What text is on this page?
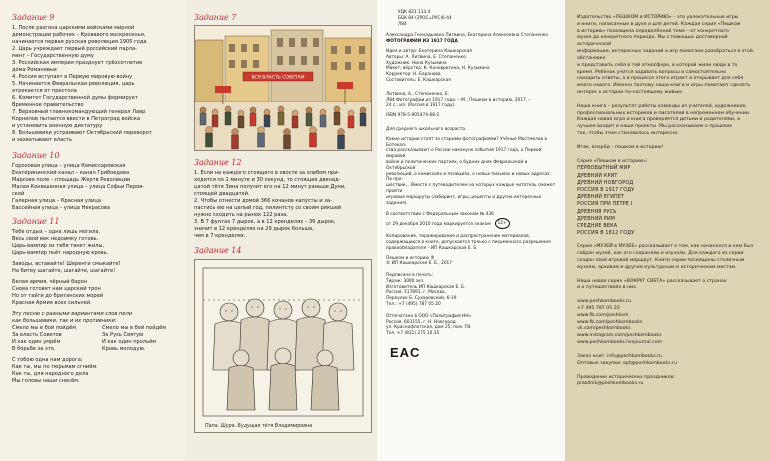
Задание 9

1. После разгона царскими войсками мирной

демонстрации рабочих – Кровавого воскресенья,

начинается первая русская революция 1905 года

2. Царь учреждает первый российский парла-

мент – Государственную думу

3. Российская империя празднует трёхсотлетие

дома Романовых

4. Россия вступает в Первую мировую войну

5. Начинается Февральская революция, царь

отрекается от престола

6. Комитет Государственной думы формирует

Временное правительство

7. Верховный главнокомандующий генерал Лавр

Корнилов пытается ввести в Петроград войска

и установить военную диктатуру

8. Большевики устраивают Октябрьский переворот

и захватывают власть

Задание 10

Гороховая улица – улица Комиссаровская

Екатерининский канал – канал Грибоедова

Марсово поле – площадь Жертв Революции

Малая Конюшенная улица – улица Софьи Перов-

ской

Галерная улица – Красная улица

Бассейная улица – улица Некрасова

Задание 11

Тебе отдых – одна лишь могила.

Весь свой век недоимку готовь.

Царь-вампир из тебя тянет жилы,

Царь-вампир пьёт народную кровь.

Заводы, вставайте! Шеренги смыкайте!

На битву шагайте, шагайте, шагайте!

Белая армия, чёрный барон

Снова готовят нам царский трон

Но от тайги до британских морей

Красная Армия всех сильней.

Эту песню с разными вариантами слов пели

как большевики, так и их противники:

Смело мы в бой пойдём

За власть Советов

И как один умрём

В борьбе за это.

Смело мы в бой пойдём

За Русь Святую

И как один прольём

Кровь молодую.

С тобою одна нам дорога;

Как ты, мы по тюрьмам сгниём.

Как ты, для народного дела

Мы головы наши снесём.

Задание 7
ВСЯ ВЛАСТЬ СОВЕТАМ
Задание 12

1. Если на каждого стоящего в хвосте за хлебом при-

ходится по 1 минуте и 30 секунд, то стоящая двенад-

цатой тётя Зина получит его на 12 минут раньше Дуни,

стоящей двадцатой.

2. Чтобы отнести домой 366 кочанов капусты и за-

пастись ею на целый год, пилинтсту со своим рикшей

нужно сходить на рынок 122 раза.

3. В 7 фунтах 7 дырок, а в 12 кренделях – 36 дырок,

значит в 12 кренделях на 29 дырок больше,

чем в 7 кренделях.

Задание 14
Папа. Шура. Будущая тётя Владимировна

УДК 821.113.4

ББК 84 (2РОС=РУС)6-44

Л84

Александра Геннадьевна Литвина, Екатерина Алексеевна Степаненко

ФОТОГРАФИИ ИЗ 1917 ГОДА

Идея и автор: Екатерина Кашкарская

Авторы: А. Литвина, Е. Степаненко

Художник: Нина Кузьмина

Макет, вёрстка: К. Коновригина, Н. Кузьмина

Корректор: Н. Баранова

Составитель: Е. Кашкарская

Литвина, А., Степаненко, Е.

Л84 Фотографии из 1917 года. – М.: Пешком в историю, 2017. –

24 с., ил. (Россия в 1917 году).

ISBN 978-5-905474-68-2

Для среднего школьного возраста.

Какие истории стоят за старыми фотографиями? Учёные Мостмелов в Ботекал-

ства рассказывают о России накануне событий 1917 года, о Первой мировой

войне и политических партиях, о будних днях Февральской и Октябрьской

революций, о комиссиях и полициях, о новых письмах и новых адресах. По про-

шествии... Вместе с путеводителем на которых каждые читатель сможет пройти

игровые маршруты (лабиринт, игры, рецепты и другие интересные задания).

В соответствии с Федеральным законом № 436

от 29 декабря 2010 года маркируется знаком 12+

Копирование, тиражирование и распространение материалов, содержащихся в книге, допускается только с письменного разрешения правообладателя – ИП Кашкарская Е. Б.

Пешком в историю ®

© ИП Кашкарская Е. Б., 2017

Подписано в печать:

Тираж: 3000 экз.

Изготовитель ИП Кашкарская Е. Б.

Россия, 117891, г. Москва,

Переулок Б. Сухаревский, 6-19

Тел.: +7 (495) 787 05 20

Отпечатано в ООО «Полиграфия-НН»

Россия, 603155, г. Н. Новгород

ул. Краснофлотская, дом 25, пом. П4

Тел. +7 (831) 275 10 35

EAC

Издательство «ПЕШКОМ в ИСТОРИЮ» – это увлекательные игры

и книги, написанные в духе и для детей. Каждая серия «Пешком

в историю» посвящена определённой теме – от конкретного

музея до конкретного периода. Мы с помощью достоверной исторической

информации, интересных заданий и игр помогаем разобраться в этой обстановке

и представить себя в той атмосфере, в которой жили люди в то

время. Ребёнок учится задавать вопросы и самостоятельно

находить ответы, а в процессе этого играет и открывает для себя

много нового. Именно поэтому наши книги и игры помогают сделать

интерес к истории по-настоящему живым.

Наша книга – результат работы команды из учителей, художников,

профессиональных историков и писателей в непременном обучении.

Каждая новая игра и книга проверяется детьми и родителями, а

лучшее входит в наши проекты. Мы рассказываем о прошлом

так, чтобы этим становилось интересно.

Итак, вперёд – пешком в историю!

Серия «Пешком в историю»:

ПЕРВОБЫТНЫЙ МИР

ДРЕВНИЙ КРИТ

ДРЕВНИЙ НОВГОРОД

РОССИЯ В 1917 ГОДУ

ДРЕВНИЙ ЕГИПЕТ

РОССИЯ ПРИ ПЕТРЕ I

ДРЕВНЯЯ РУСЬ

ДРЕВНИЙ РИМ

СРЕДНИЕ ВЕКА

РОССИЯ В 1812 ГОДУ

Серия «МУЗЕЙ в МУЗЕЕ» рассказывает о том, как начинался и кем был

собран музей, как его сохраняли и изучали. Для каждого из серии

создан свой игровой маршрут. Книги серии посвящены столичным

музеям, архивам и другим культурным и историческим местам.

Наша новая серия «ВОКРУГ СВЕТА» рассказывает о странах

и о путешествиях в них.

www.peshkombooks.ru

+7 495 787 05 20

www.fb.com/peshkom

www.fb.com/peshkombooks

vk.com/peshkombooks

www.instagram.com/peshkombooks

www.peshkombooks.livejournal.com

Заказ книг: info@peshkombooks.ru

Оптовые закупки: opt@peshkombooks.ru

Проведение исторических праздников:

prazdnik@peshkombooks.ru
